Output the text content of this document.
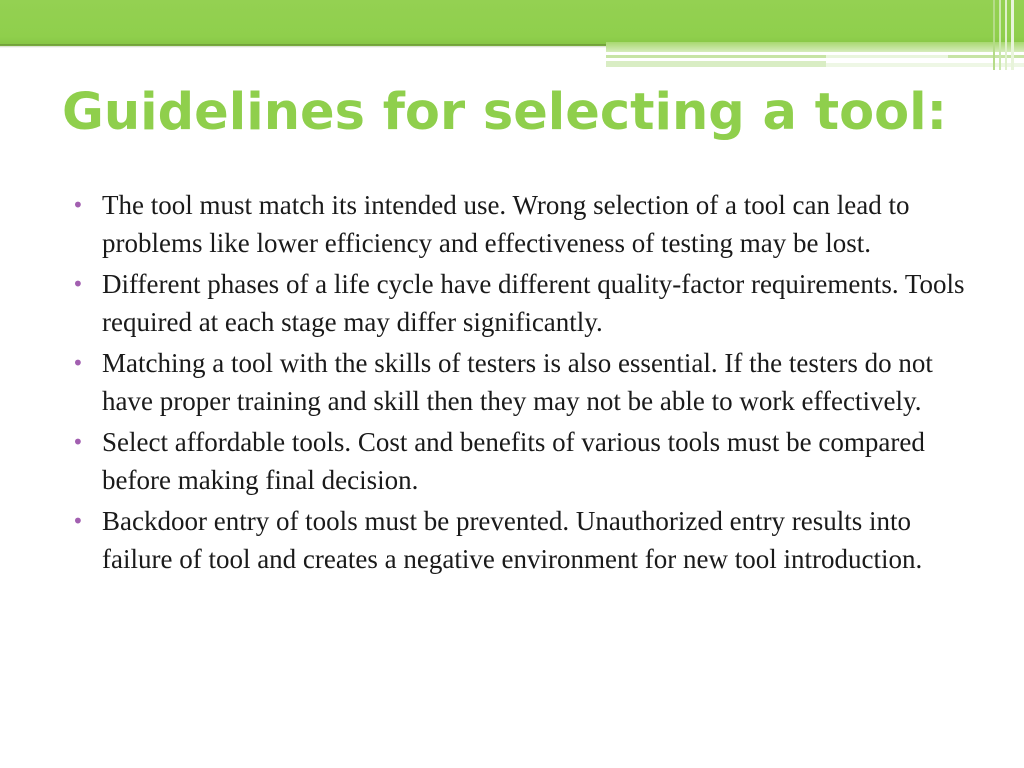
Guidelines for selecting a tool:
• The tool must match its intended use. Wrong selection of a tool can lead to problems like lower efficiency and effectiveness of testing may be lost.
• Different phases of a life cycle have different quality-factor requirements. Tools required at each stage may differ significantly.
• Matching a tool with the skills of testers is also essential. If the testers do not have proper training and skill then they may not be able to work effectively.
• Select affordable tools. Cost and benefits of various tools must be compared before making final decision.
• Backdoor entry of tools must be prevented. Unauthorized entry results into failure of tool and creates a negative environment for new tool introduction.
